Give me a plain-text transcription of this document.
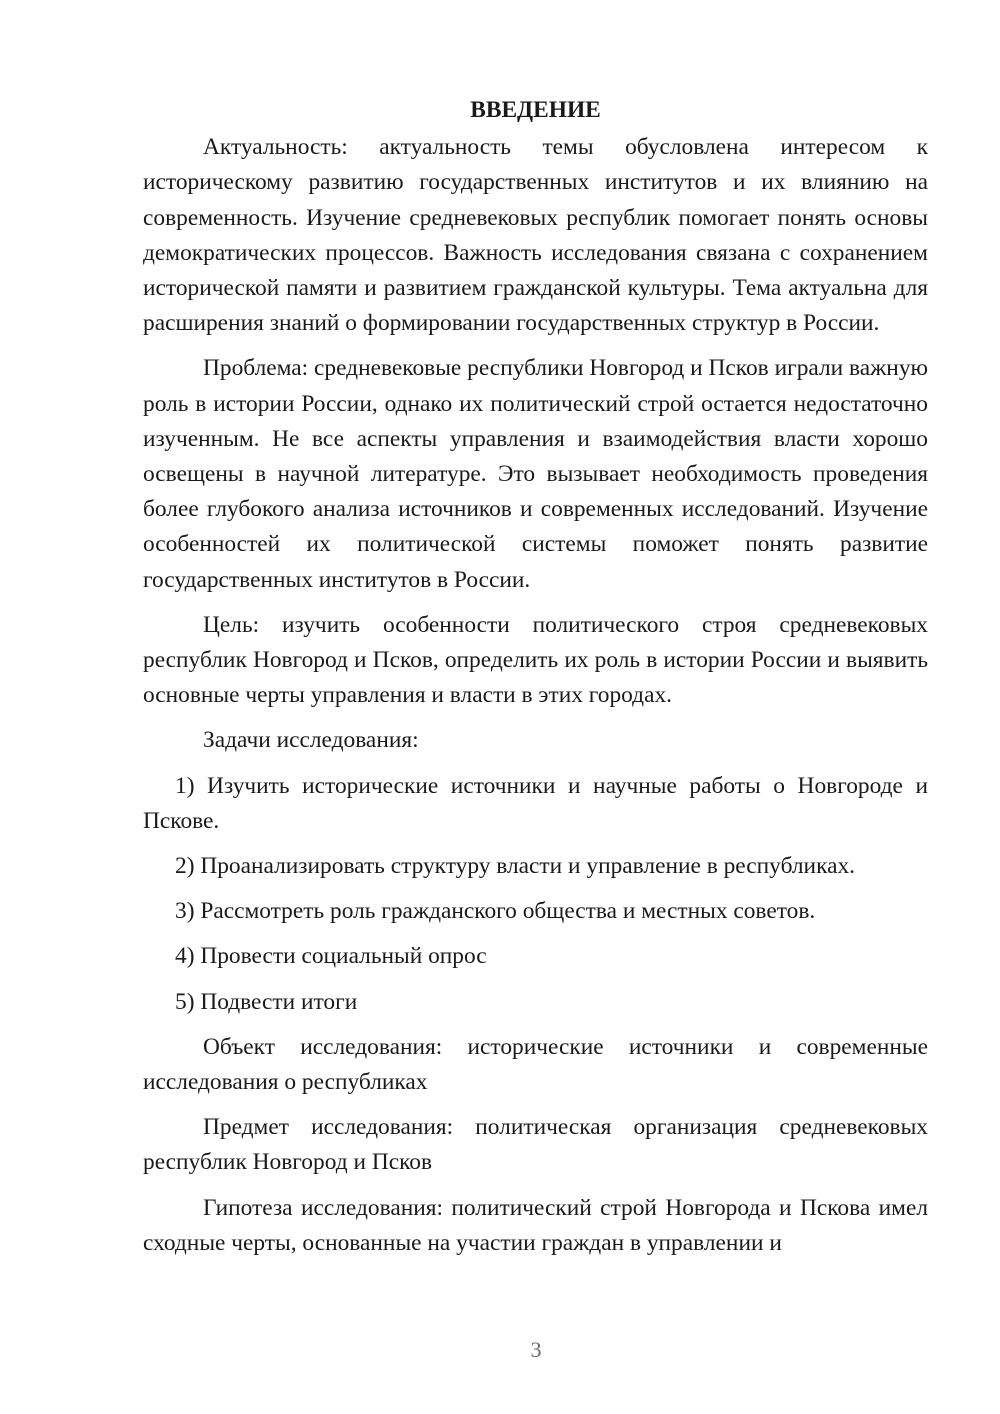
ВВЕДЕНИЕ

Актуальность: актуальность темы обусловлена интересом к историческому развитию государственных институтов и их влиянию на современность. Изучение средневековых республик помогает понять основы демократических процессов. Важность исследования связана с сохранением исторической памяти и развитием гражданской культуры. Тема актуальна для расширения знаний о формировании государственных структур в России.

Проблема: средневековые республики Новгород и Псков играли важную роль в истории России, однако их политический строй остается недостаточно изученным. Не все аспекты управления и взаимодействия власти хорошо освещены в научной литературе. Это вызывает необходимость проведения более глубокого анализа источников и современных исследований. Изучение особенностей их политической системы поможет понять развитие государственных институтов в России.

Цель: изучить особенности политического строя средневековых республик Новгород и Псков, определить их роль в истории России и выявить основные черты управления и власти в этих городах.

Задачи исследования:

1) Изучить исторические источники и научные работы о Новгороде и Пскове.
2) Проанализировать структуру власти и управление в республиках.
3) Рассмотреть роль гражданского общества и местных советов.
4) Провести социальный опрос
5) Подвести итоги

Объект исследования: исторические источники и современные исследования о республиках

Предмет исследования: политическая организация средневековых республик Новгород и Псков

Гипотеза исследования: политический строй Новгорода и Пскова имел сходные черты, основанные на участии граждан в управлении и

3
